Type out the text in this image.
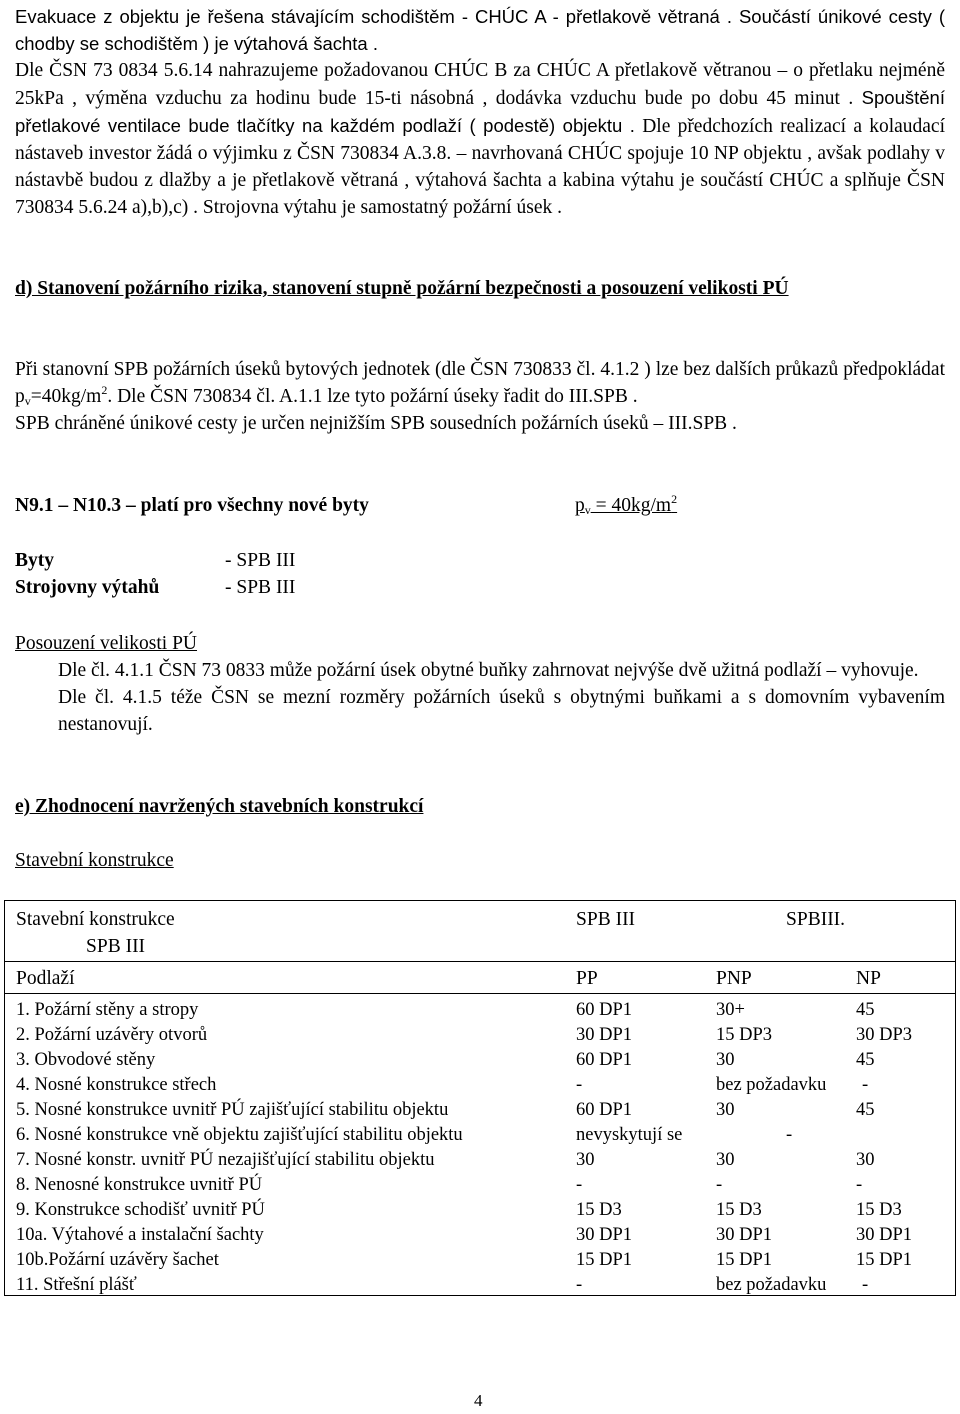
Evakuace z objektu je řešena stávajícím schodištěm - CHÚC A - přetlakově větraná . Součástí únikové cesty ( chodby se schodištěm ) je výtahová šachta .

Dle ČSN 73 0834 5.6.14 nahrazujeme požadovanou CHÚC B za CHÚC A přetlakově větranou – o přetlaku nejméně 25kPa , výměna vzduchu za hodinu bude 15-ti násobná , dodávka vzduchu bude po dobu 45 minut . Spouštění přetlakové ventilace bude tlačítky na každém podlaží ( podestě) objektu . Dle předchozích realizací a kolaudací nástaveb investor žádá o výjimku z ČSN 730834 A.3.8. – navrhovaná CHÚC spojuje 10 NP objektu , avšak podlahy v nástavbě budou z dlažby a je přetlakově větraná , výtahová šachta a kabina výtahu je součástí CHÚC a splňuje ČSN 730834 5.6.24 a),b),c) . Strojovna výtahu je samostatný požární úsek .

d) Stanovení požárního rizika, stanovení stupně požární bezpečnosti a posouzení velikosti PÚ

Při stanovní SPB požárních úseků bytových jednotek (dle ČSN 730833 čl. 4.1.2 ) lze bez dalších průkazů předpokládat $p_v=40kg/m^2$. Dle ČSN 730834 čl. A.1.1 lze tyto požární úseky řadit do III.SPB .

SPB chráněné únikové cesty je určen nejnižším SPB sousedních požárních úseků – III.SPB .

N9.1 – N10.3 – platí pro všechny nové byty	$p_v = 40kg/m^2$
Byty	- SPB III
Strojovny výtahů	- SPB III

Posouzení velikosti PÚ

Dle čl. 4.1.1 ČSN 73 0833 může požární úsek obytné buňky zahrnovat nejvýše dvě užitná podlaží – vyhovuje.

Dle čl. 4.1.5 téže ČSN se mezní rozměry požárních úseků s obytnými buňkami a s domovním vybavením nestanovují.

e) Zhodnocení navržených stavebních konstrukcí

Stavební konstrukce

Stavební konstrukce	SPB III	SPBIII.
SPB III
Podlaží	PP	PNP	NP
1. Požární stěny a stropy	60 DP1	30+	45
2. Požární uzávěry otvorů	30 DP1	15 DP3	30 DP3
3. Obvodové stěny	60 DP1	30	45
4. Nosné konstrukce střech	-	bez požadavku -
5. Nosné konstrukce uvnitř PÚ zajišťující stabilitu objektu	60 DP1	30	45
6. Nosné konstrukce vně objektu zajišťující stabilitu objektu	nevyskytují se	-
7. Nosné konstr. uvnitř PÚ nezajišťující stabilitu objektu	30	30	30
8. Nenosné konstrukce uvnitř PÚ	-	-	-
9. Konstrukce schodišť uvnitř PÚ	15 D3	15 D3	15 D3
10a. Výtahové a instalační šachty	30 DP1	30 DP1	30 DP1
10b.Požární uzávěry šachet	15 DP1	15 DP1	15 DP1
11. Střešní plášť	-	bez požadavku -
4
